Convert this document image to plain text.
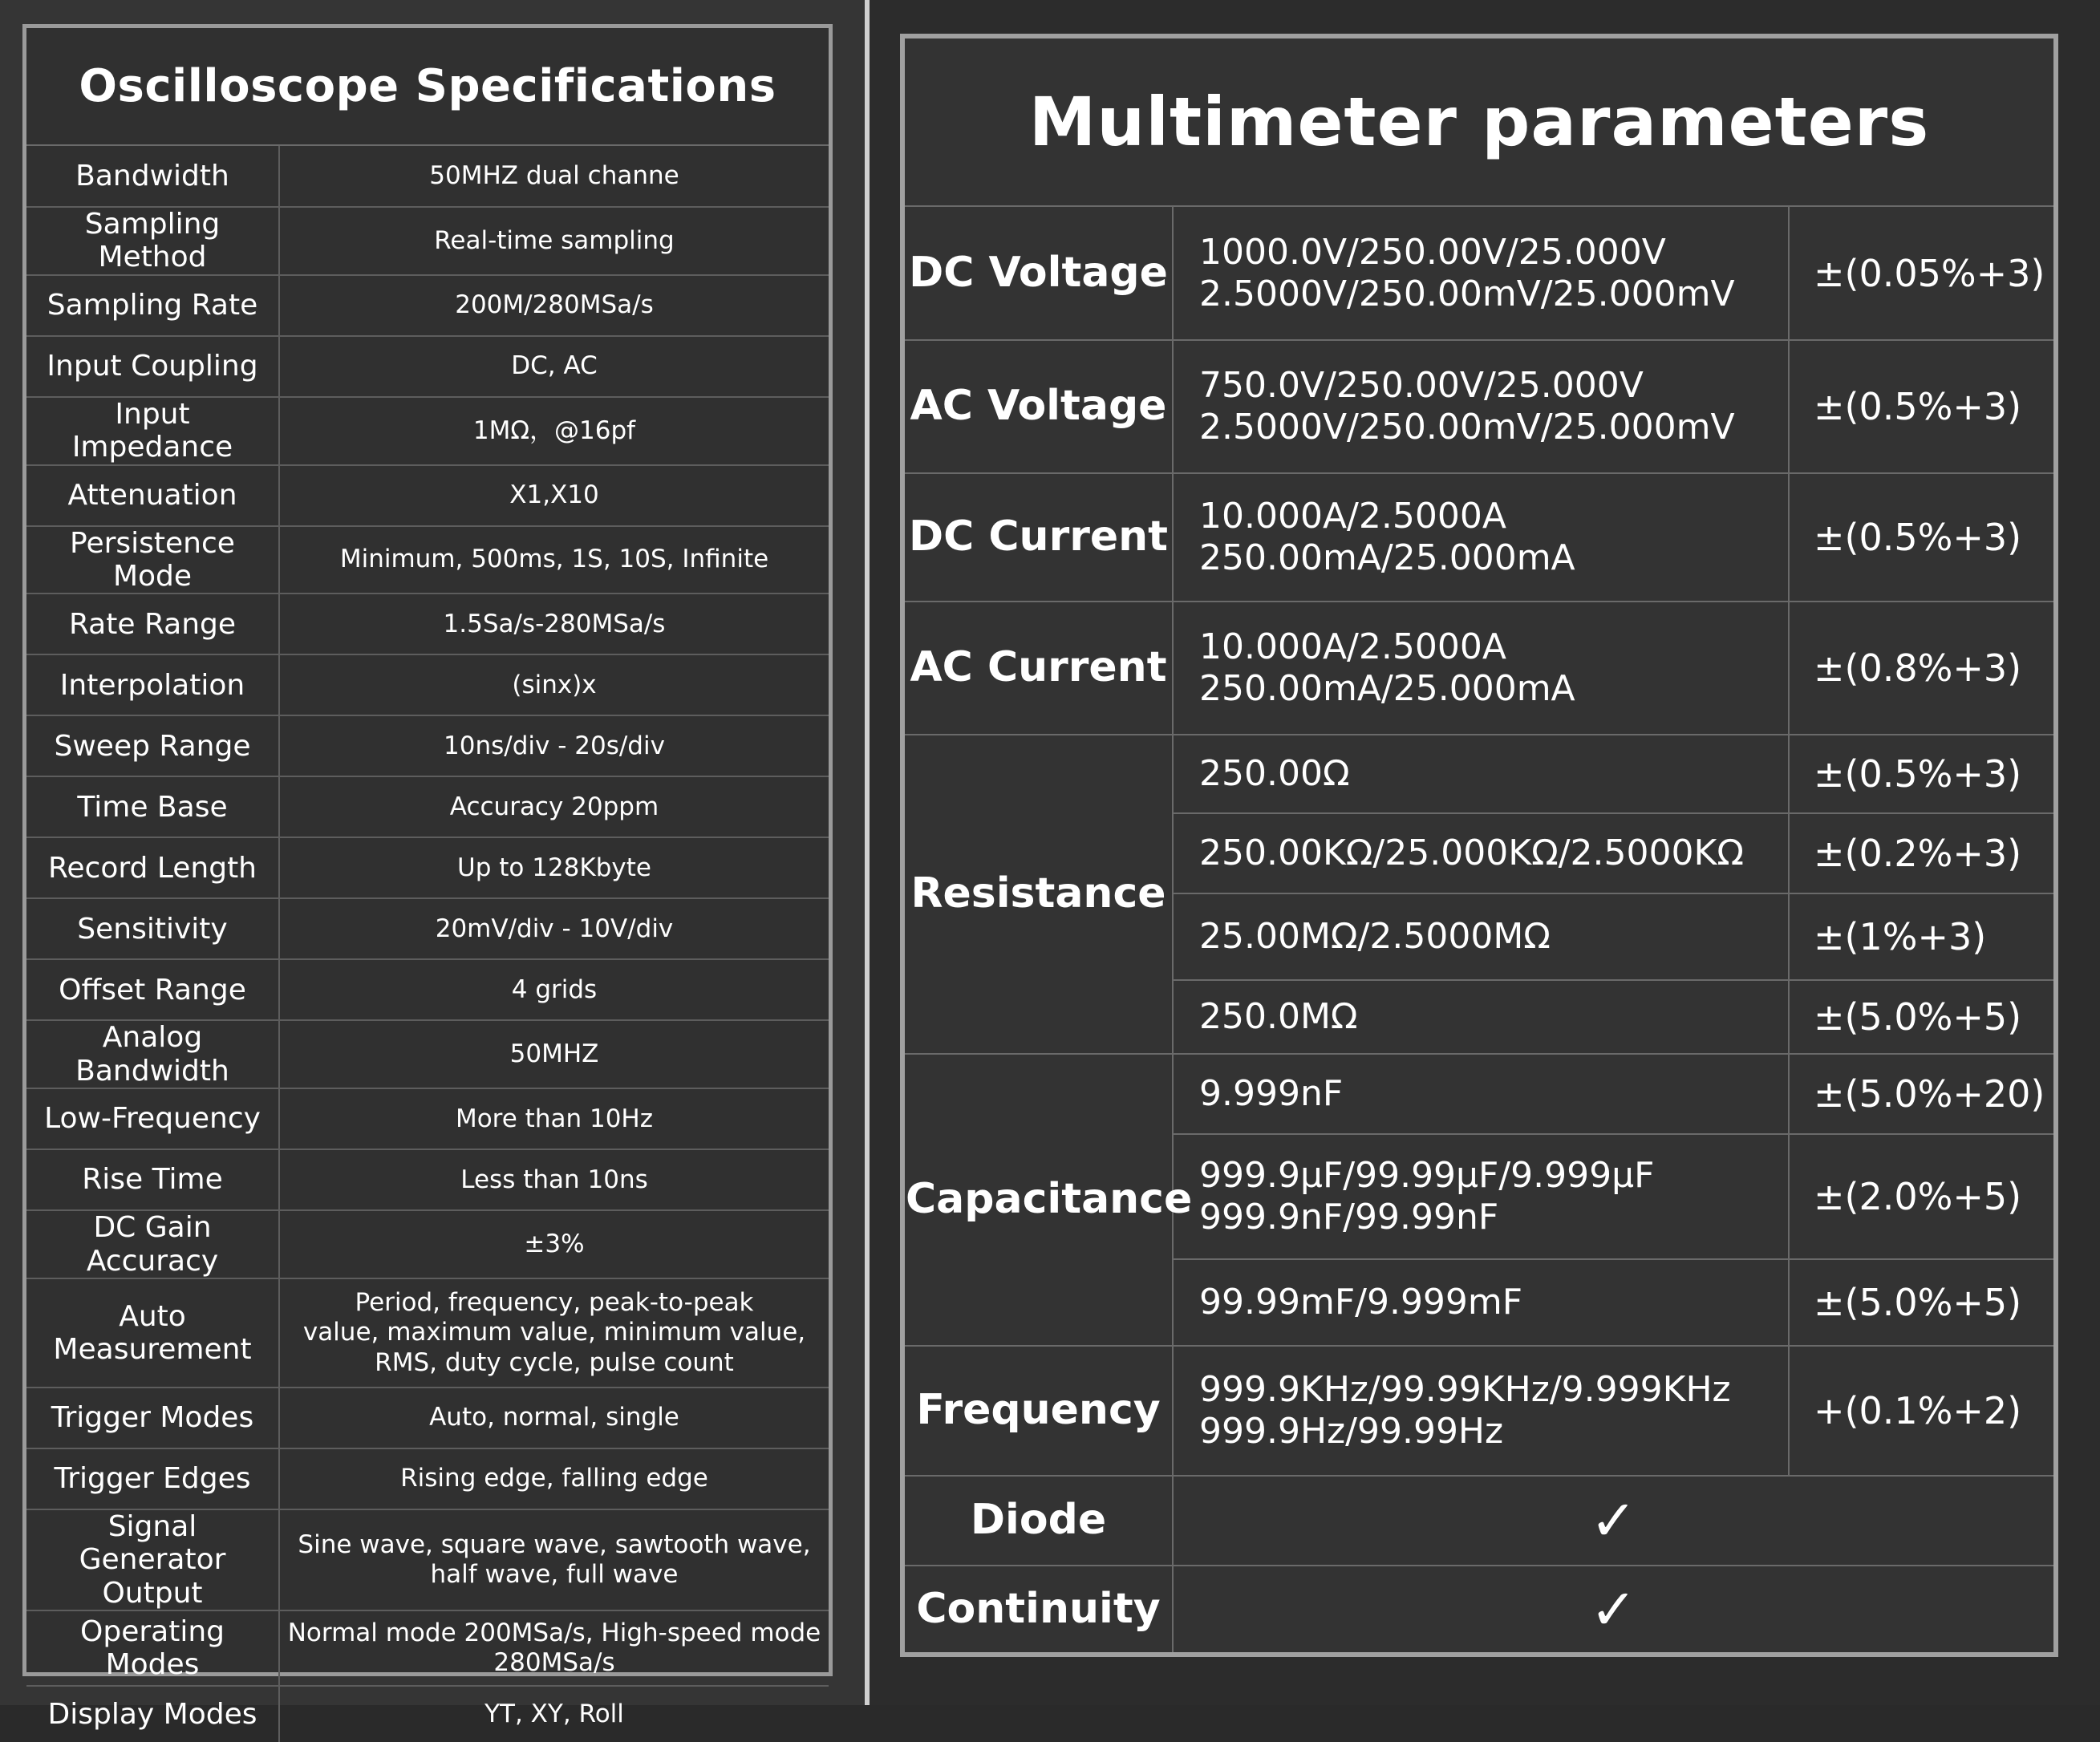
Oscilloscope Specifications
Bandwidth	50MHZ dual channe
Sampling Method	Real-time sampling
Sampling Rate	200M/280MSa/s
Input Coupling	DC, AC
Input Impedance	1MΩ，@16pf
Attenuation	X1,X10
Persistence Mode	Minimum, 500ms, 1S, 10S, Infinite
Rate Range	1.5Sa/s-280MSa/s
Interpolation	(sinx)x
Sweep Range	10ns/div - 20s/div
Time Base	Accuracy 20ppm
Record Length	Up to 128Kbyte
Sensitivity	20mV/div - 10V/div
Offset Range	4 grids
Analog Bandwidth	50MHZ
Low-Frequency	More than 10Hz
Rise Time	Less than 10ns
DC Gain Accuracy	±3%
Auto
Measurement	Period, frequency, peak-to-peak
value, maximum value, minimum value,
RMS, duty cycle, pulse count
Trigger Modes	Auto, normal, single
Trigger Edges	Rising edge, falling edge
Signal
Generator Output	Sine wave, square wave, sawtooth wave,
half wave, full wave
Operating Modes	Normal mode 200MSa/s, High-speed mode
280MSa/s
Display Modes	YT, XY, Roll
Multimeter parameters
DC Voltage	1000.0V/250.00V/25.000V
2.5000V/250.00mV/25.000mV	±(0.05%+3)
AC Voltage	750.0V/250.00V/25.000V
2.5000V/250.00mV/25.000mV	±(0.5%+3)
DC Current	10.000A/2.5000A
250.00mA/25.000mA	±(0.5%+3)
AC Current	10.000A/2.5000A
250.00mA/25.000mA	±(0.8%+3)
Resistance	250.00Ω	±(0.5%+3)
	250.00KΩ/25.000KΩ/2.5000KΩ	±(0.2%+3)
	25.00MΩ/2.5000MΩ	±(1%+3)
	250.0MΩ	±(5.0%+5)
Capacitance	9.999nF	±(5.0%+20)
	999.9μF/99.99μF/9.999μF
999.9nF/99.99nF	±(2.0%+5)
	99.99mF/9.999mF	±(5.0%+5)
Frequency	999.9KHz/99.99KHz/9.999KHz
999.9Hz/99.99Hz	+(0.1%+2)
Diode	✓	
Continuity	✓	
